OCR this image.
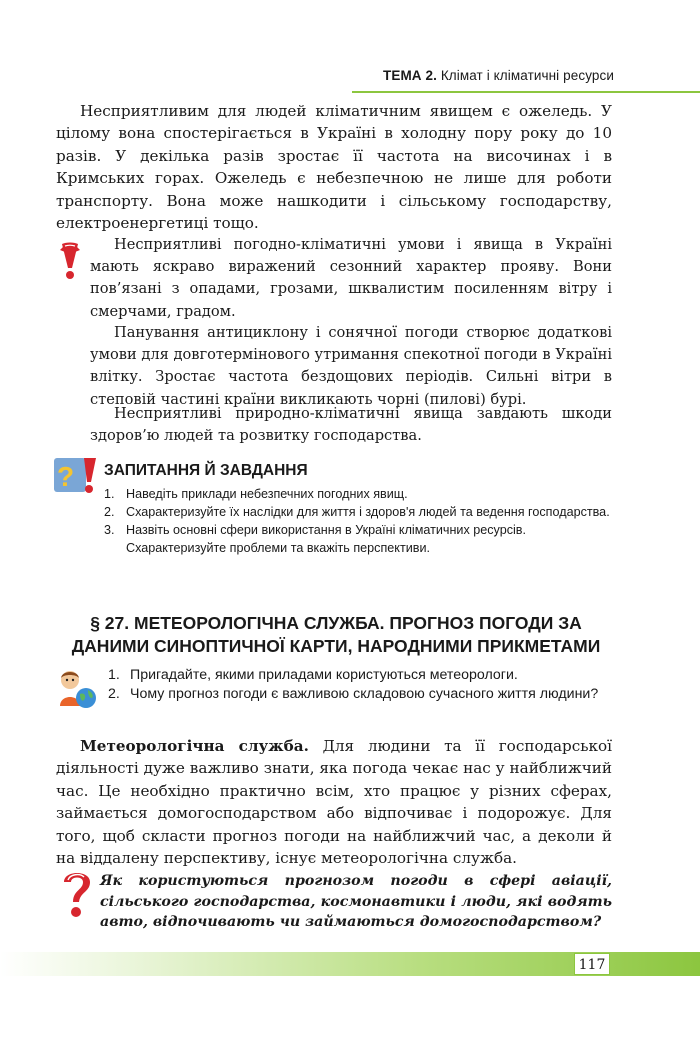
ТЕМА 2. Клімат і кліматичні ресурси

Несприятливим для людей кліматичним явищем є ожеледь. У цілому вона спостерігається в Україні в холодну пору року до 10 разів. У декілька разів зростає її частота на височинах і в Кримських горах. Ожеледь є небезпечною не лише для роботи транспорту. Вона може нашкодити і сільському господарству, електроенергетиці тощо.

Несприятливі погодно-кліматичні умови і явища в Україні мають яскраво виражений сезонний характер прояву. Вони пов’язані з опадами, грозами, шквалистим посиленням вітру і смерчами, градом.

Панування антициклону і сонячної погоди створює додаткові умови для довготермінового утримання спекотної погоди в Україні влітку. Зростає частота бездощових періодів. Сильні вітри в степовій частині країни викликають чорні (пилові) бурі.

Несприятливі природно-кліматичні явища завдають шкоди здоров’ю людей та розвитку господарства.

? ЗАПИТАННЯ Й ЗАВДАННЯ
1. Наведіть приклади небезпечних погодних явищ.
2. Схарактеризуйте їх наслідки для життя і здоров'я людей та ведення господарства.
3. Назвіть основні сфери використання в Україні кліматичних ресурсів. Схарактеризуйте проблеми та вкажіть перспективи.
§ 27. МЕТЕОРОЛОГІЧНА СЛУЖБА. ПРОГНОЗ ПОГОДИ ЗА ДАНИМИ СИНОПТИЧНОЇ КАРТИ, НАРОДНИМИ ПРИКМЕТАМИ
1. Пригадайте, якими приладами користуються метеорологи.
2. Чому прогноз погоди є важливою складовою сучасного життя людини?

Метеорологічна служба. Для людини та її господарської діяльності дуже важливо знати, яка погода чекає нас у найближчий час. Це необхідно практично всім, хто працює у різних сферах, займається домогосподарством або відпочиває і подорожує. Для того, щоб скласти прогноз погоди на найближчий час, а деколи й на віддалену перспективу, існує метеорологічна служба.

Як користуються прогнозом погоди в сфері авіації, сільського господарства, космонавтики і люди, які водять авто, відпочивають чи займаються домогосподарством?

117
